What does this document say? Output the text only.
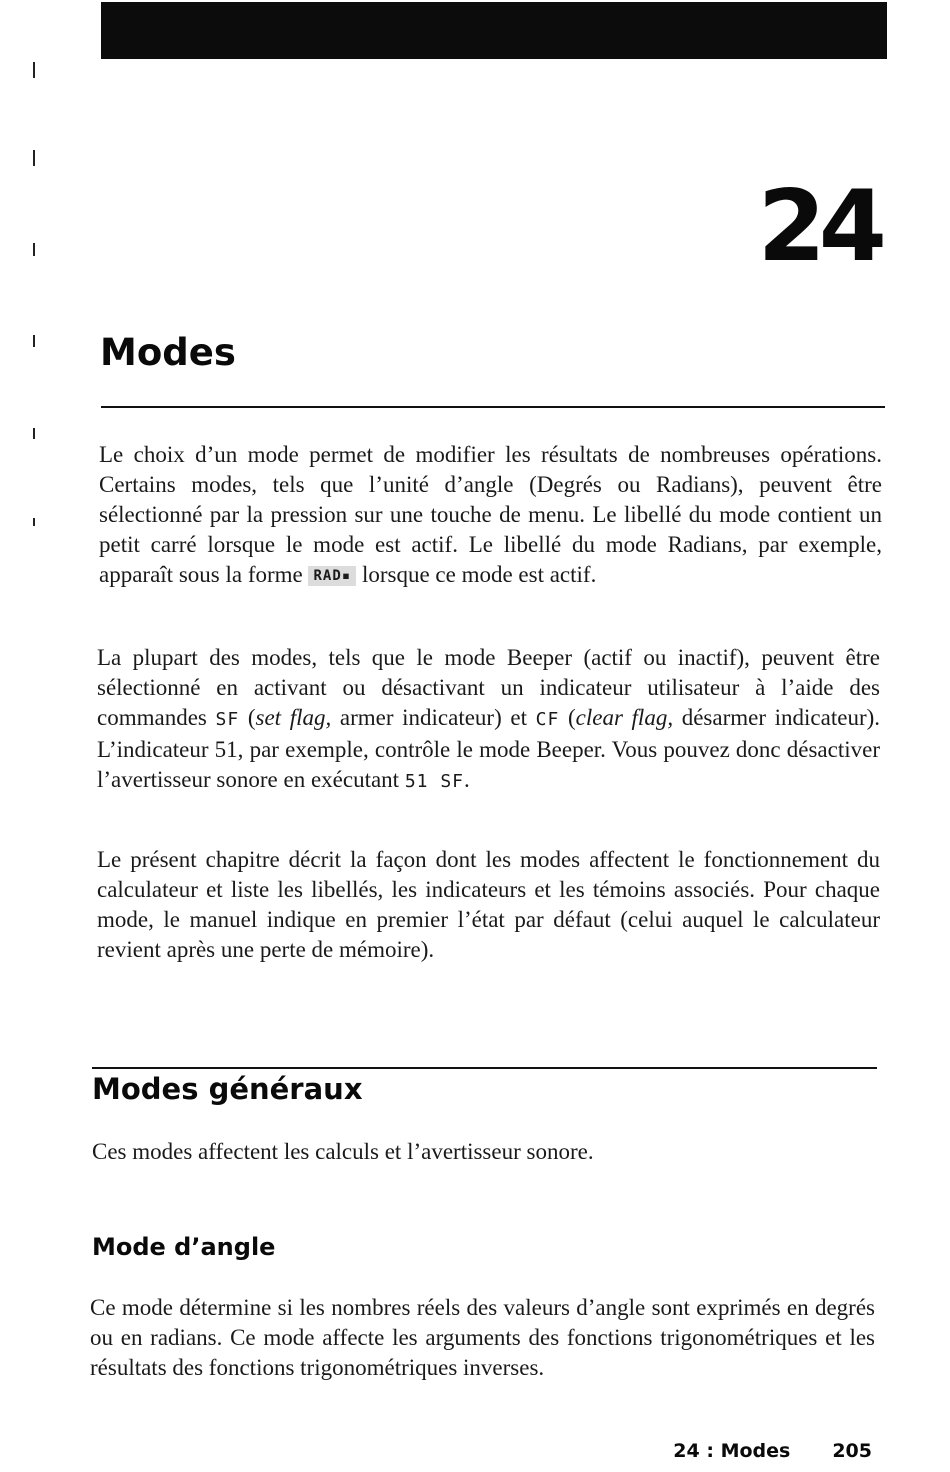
24
Modes

Le choix d’un mode permet de modifier les résultats de nombreuses opérations. Certains modes, tels que l’unité d’angle (Degrés ou Radians), peuvent être sélectionné par la pression sur une touche de menu. Le libellé du mode contient un petit carré lorsque le mode est actif. Le libellé du mode Radians, par exemple, apparaît sous la forme RAD▪ lorsque ce mode est actif.

La plupart des modes, tels que le mode Beeper (actif ou inactif), peuvent être sélectionné en activant ou désactivant un indicateur utilisateur à l’aide des commandes SF (set flag, armer indicateur) et CF (clear flag, désarmer indicateur). L’indicateur 51, par exemple, contrôle le mode Beeper. Vous pouvez donc désactiver l’avertisseur sonore en exécutant 51 SF.

Le présent chapitre décrit la façon dont les modes affectent le fonctionnement du calculateur et liste les libellés, les indicateurs et les témoins associés. Pour chaque mode, le manuel indique en premier l’état par défaut (celui auquel le calculateur revient après une perte de mémoire).

Modes généraux

Ces modes affectent les calculs et l’avertisseur sonore.

Mode d’angle

Ce mode détermine si les nombres réels des valeurs d’angle sont exprimés en degrés ou en radians. Ce mode affecte les arguments des fonctions trigonométriques et les résultats des fonctions trigonométriques inverses.

24 : Modes 205
